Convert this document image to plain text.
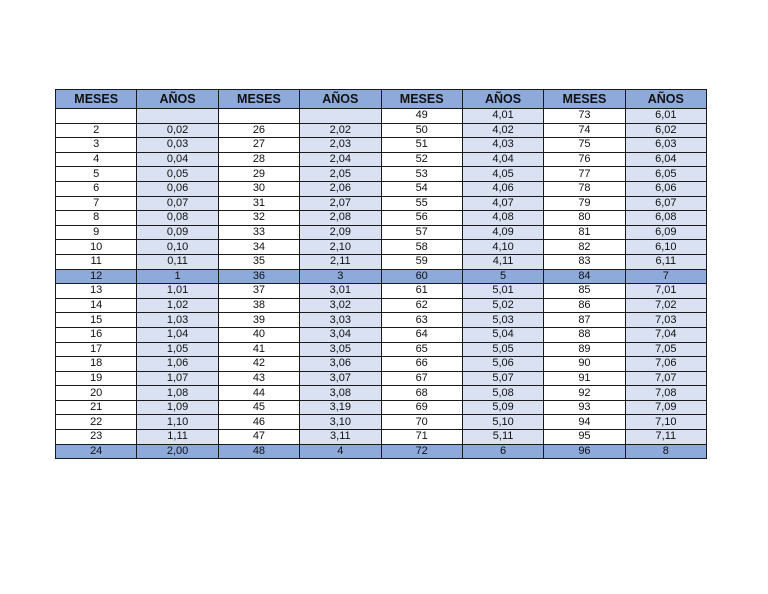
MESES	AÑOS	MESES	AÑOS	MESES	AÑOS	MESES	AÑOS
				49	4,01	73	6,01
2	0,02	26	2,02	50	4,02	74	6,02
3	0,03	27	2,03	51	4,03	75	6,03
4	0,04	28	2,04	52	4,04	76	6,04
5	0,05	29	2,05	53	4,05	77	6,05
6	0,06	30	2,06	54	4,06	78	6,06
7	0,07	31	2,07	55	4,07	79	6,07
8	0,08	32	2,08	56	4,08	80	6,08
9	0,09	33	2,09	57	4,09	81	6,09
10	0,10	34	2,10	58	4,10	82	6,10
11	0,11	35	2,11	59	4,11	83	6,11
12	1	36	3	60	5	84	7
13	1,01	37	3,01	61	5,01	85	7,01
14	1,02	38	3,02	62	5,02	86	7,02
15	1,03	39	3,03	63	5,03	87	7,03
16	1,04	40	3,04	64	5,04	88	7,04
17	1,05	41	3,05	65	5,05	89	7,05
18	1,06	42	3,06	66	5,06	90	7,06
19	1,07	43	3,07	67	5,07	91	7,07
20	1,08	44	3,08	68	5,08	92	7,08
21	1,09	45	3,19	69	5,09	93	7,09
22	1,10	46	3,10	70	5,10	94	7,10
23	1,11	47	3,11	71	5,11	95	7,11
24	2,00	48	4	72	6	96	8
